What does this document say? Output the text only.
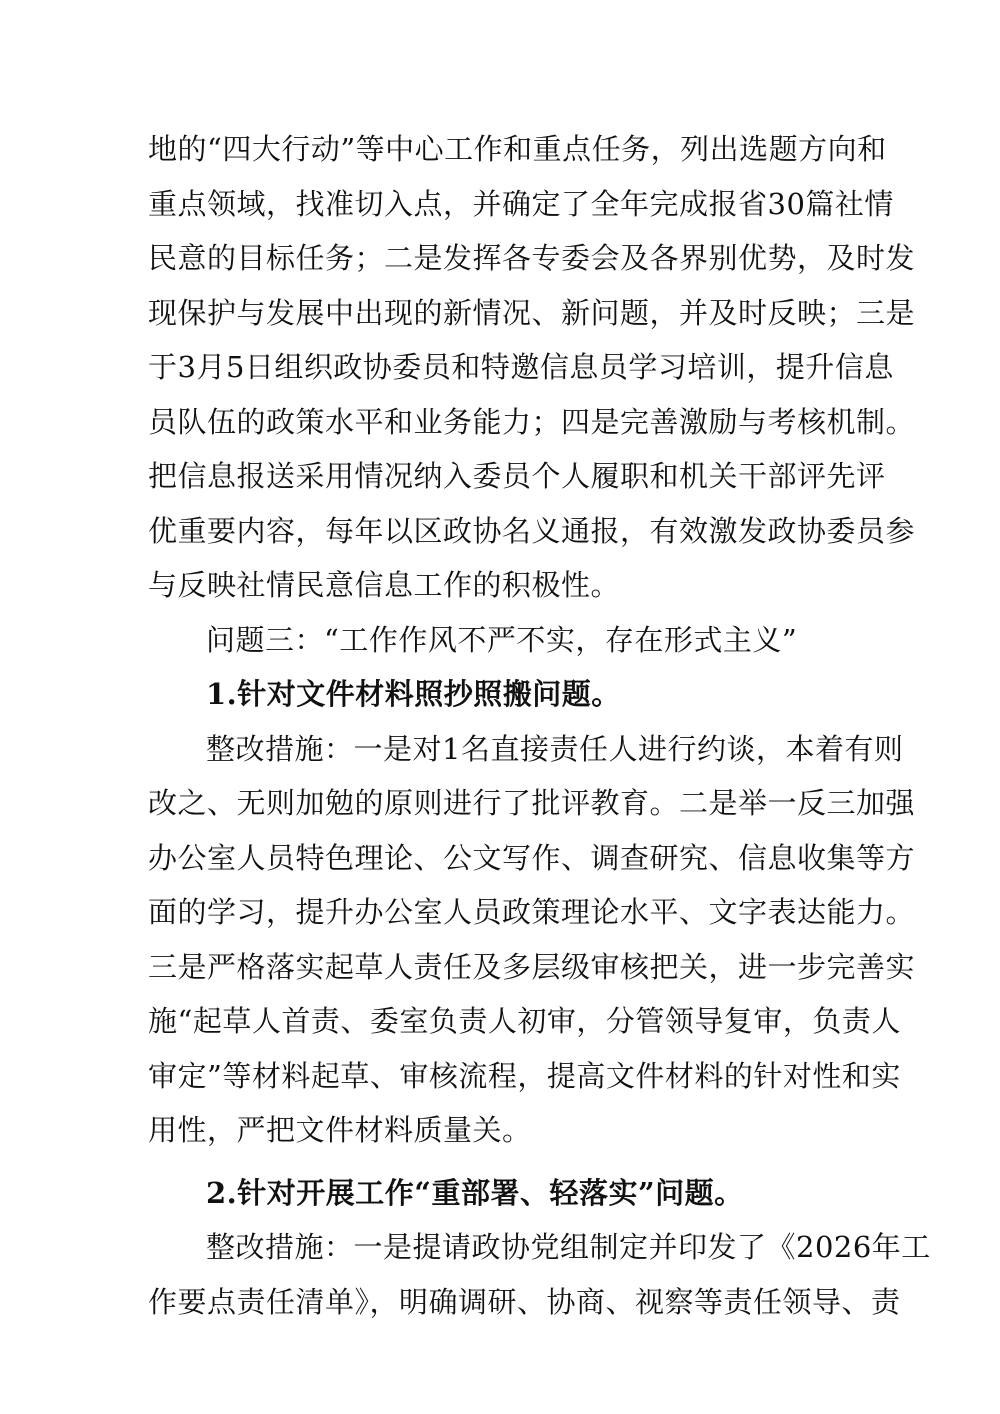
地的“四大行动”等中心工作和重点任务，列出选题方向和
重点领域，找准切入点，并确定了全年完成报省30篇社情
民意的目标任务；二是发挥各专委会及各界别优势，及时发
现保护与发展中出现的新情况、新问题，并及时反映；三是
于3月5日组织政协委员和特邀信息员学习培训，提升信息
员队伍的政策水平和业务能力；四是完善激励与考核机制。
把信息报送采用情况纳入委员个人履职和机关干部评先评
优重要内容，每年以区政协名义通报，有效激发政协委员参
与反映社情民意信息工作的积极性。
问题三：“工作作风不严不实，存在形式主义”
1.针对文件材料照抄照搬问题。
整改措施：一是对1名直接责任人进行约谈，本着有则
改之、无则加勉的原则进行了批评教育。二是举一反三加强
办公室人员特色理论、公文写作、调查研究、信息收集等方
面的学习，提升办公室人员政策理论水平、文字表达能力。
三是严格落实起草人责任及多层级审核把关，进一步完善实
施“起草人首责、委室负责人初审，分管领导复审，负责人
审定”等材料起草、审核流程，提高文件材料的针对性和实
用性，严把文件材料质量关。
2.针对开展工作“重部署、轻落实”问题。
整改措施：一是提请政协党组制定并印发了《2026年工
作要点责任清单》，明确调研、协商、视察等责任领导、责
